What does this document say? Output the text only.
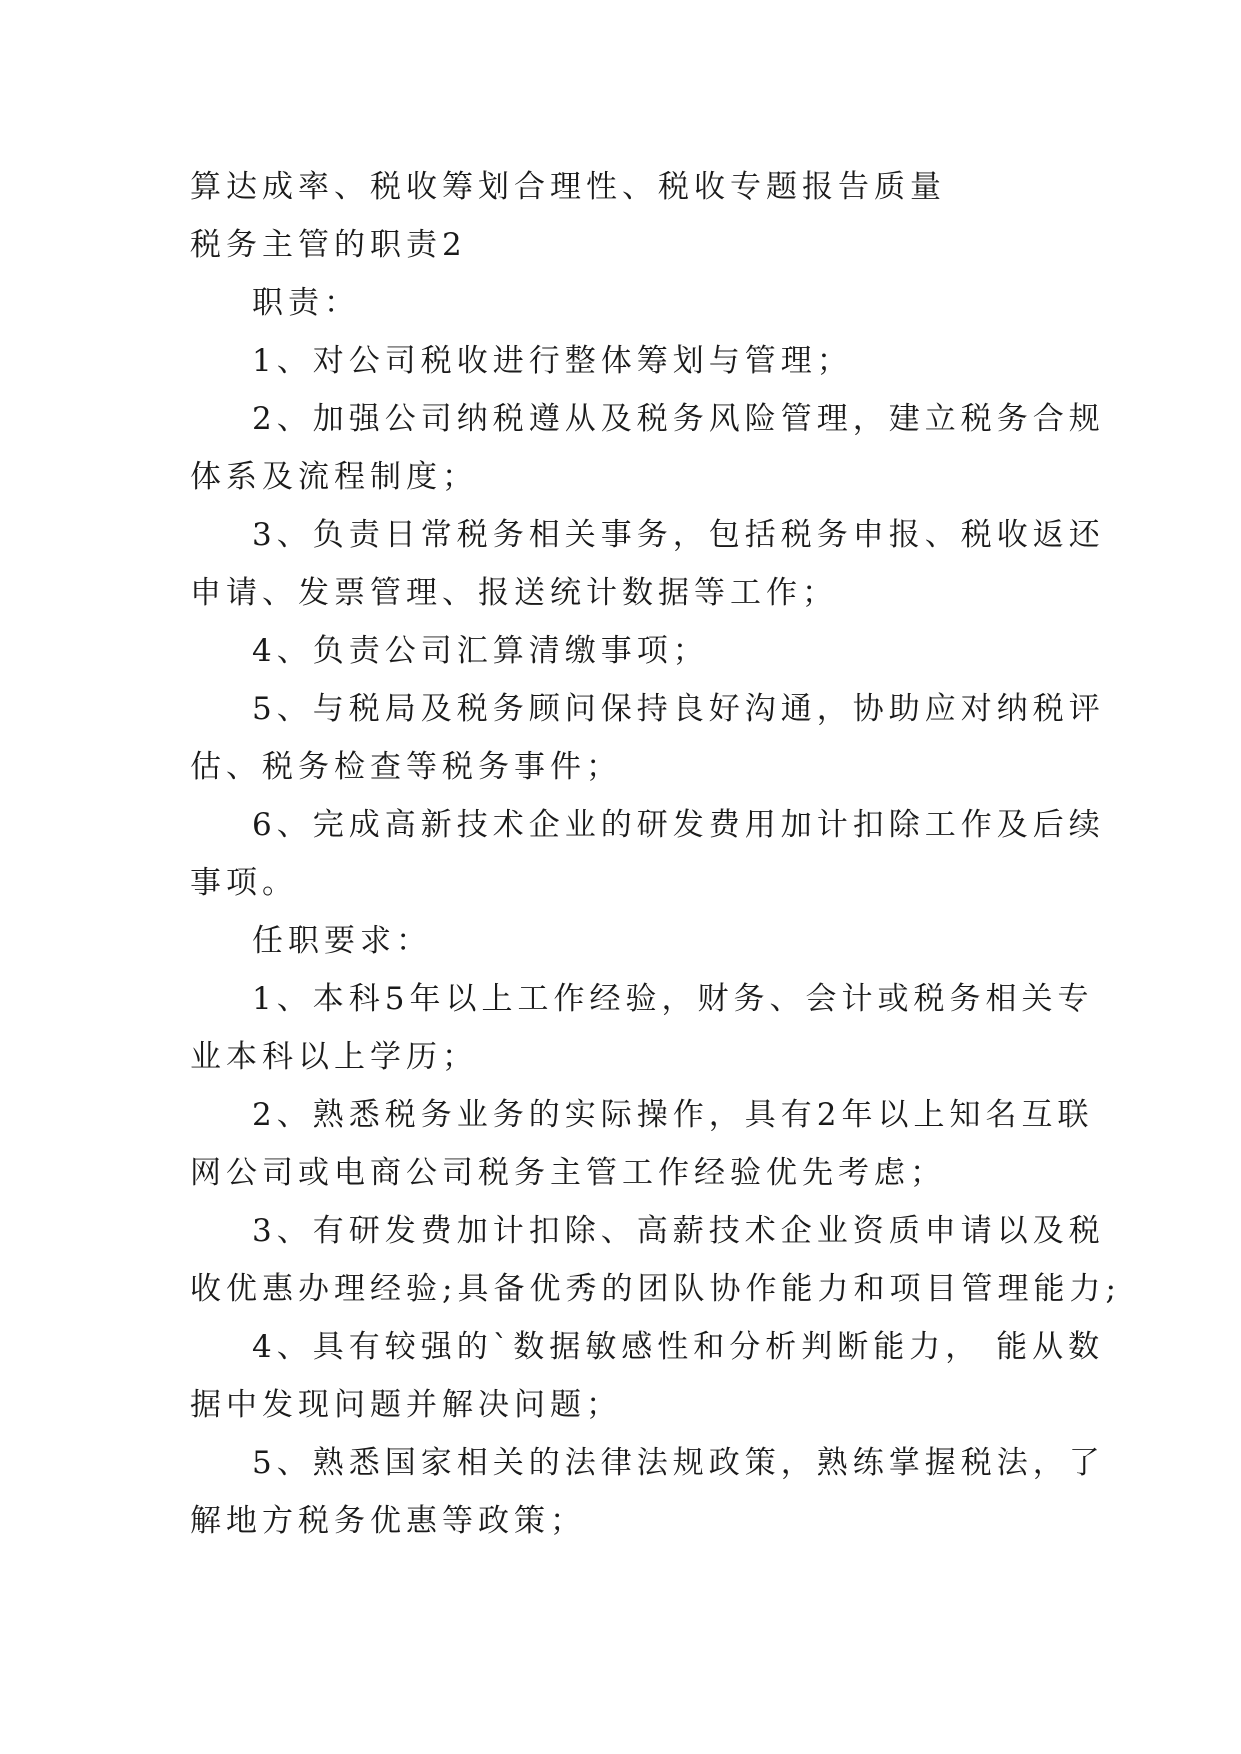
算达成率、税收筹划合理性、税收专题报告质量
税务主管的职责2
职责：
1、对公司税收进行整体筹划与管理；
2、加强公司纳税遵从及税务风险管理，建立税务合规
体系及流程制度；
3、负责日常税务相关事务，包括税务申报、税收返还
申请、发票管理、报送统计数据等工作；
4、负责公司汇算清缴事项；
5、与税局及税务顾问保持良好沟通，协助应对纳税评
估、税务检查等税务事件；
6、完成高新技术企业的研发费用加计扣除工作及后续
事项。
任职要求：
1、本科5年以上工作经验，财务、会计或税务相关专
业本科以上学历；
2、熟悉税务业务的实际操作，具有2年以上知名互联
网公司或电商公司税务主管工作经验优先考虑；
3、有研发费加计扣除、高薪技术企业资质申请以及税
收优惠办理经验;具备优秀的团队协作能力和项目管理能力;
4、具有较强的`数据敏感性和分析判断能力， 能从数
据中发现问题并解决问题；
5、熟悉国家相关的法律法规政策，熟练掌握税法，了
解地方税务优惠等政策；
